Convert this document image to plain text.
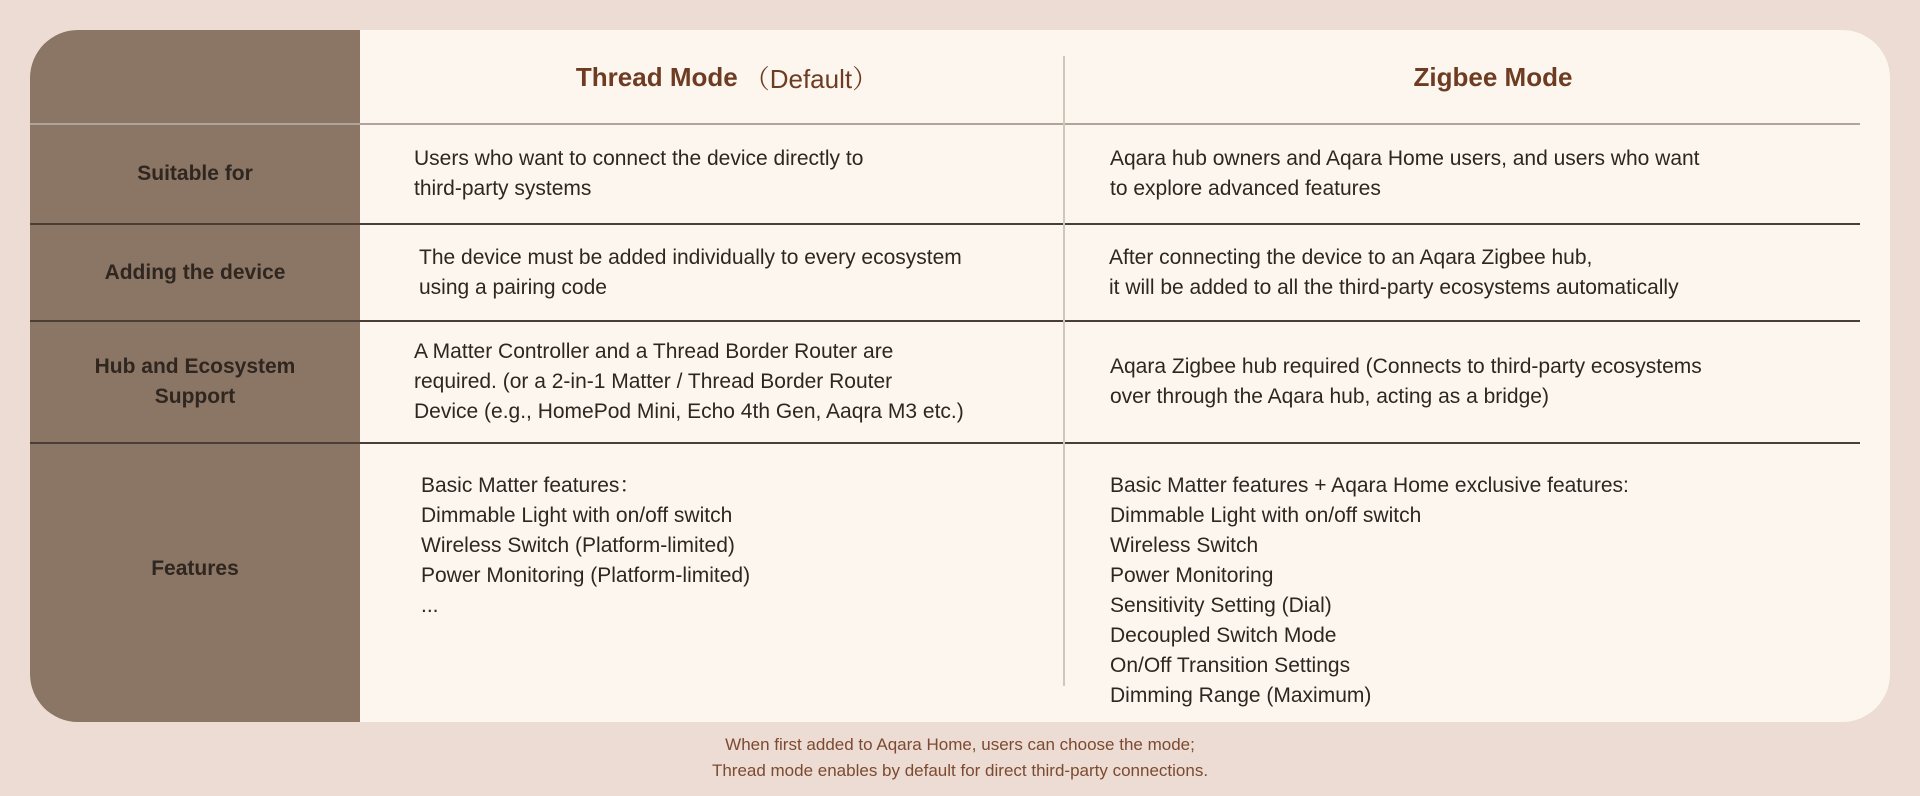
Thread Mode （Default）	Zigbee Mode
Suitable for
Adding the device
Hub and Ecosystem
Support
Features
Users who want to connect the device directly to
third-party systems
Aqara hub owners and Aqara Home users, and users who want
to explore advanced features
The device must be added individually to every ecosystem
using a pairing code
After connecting the device to an Aqara Zigbee hub,
it will be added to all the third-party ecosystems automatically
A Matter Controller and a Thread Border Router are
required. (or a 2-in-1 Matter / Thread Border Router
Device (e.g., HomePod Mini, Echo 4th Gen, Aaqra M3 etc.)
Aqara Zigbee hub required (Connects to third-party ecosystems
over through the Aqara hub, acting as a bridge)
Basic Matter features：
Dimmable Light with on/off switch
Wireless Switch (Platform-limited)
Power Monitoring (Platform-limited)
...
Basic Matter features + Aqara Home exclusive features:
Dimmable Light with on/off switch
Wireless Switch
Power Monitoring
Sensitivity Setting (Dial)
Decoupled Switch Mode
On/Off Transition Settings
Dimming Range (Maximum)
When first added to Aqara Home, users can choose the mode;
Thread mode enables by default for direct third-party connections.
